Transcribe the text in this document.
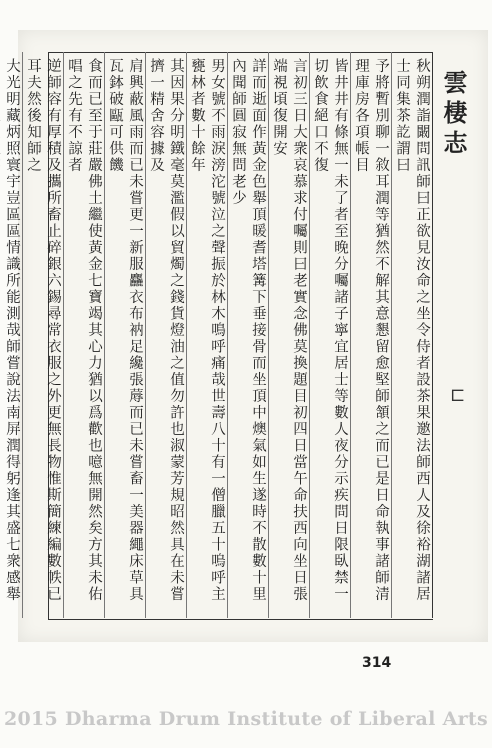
雲棲志
⊏
秋朔潤詣闞問訊師曰正欲見汝命之坐令侍者設茶果邀法師西人及徐裕湖諸居士同集茶訖謂曰
予將暫別聊一敘耳潤等猶然不解其意懇留愈堅師頷之而已是日命執事諸師清理庫房各項帳目
皆井井有條無一未了者至晚分囑諸子寧宜居士等數人夜分示疾問日限臥禁一切飲食絕口不復
言初三日大衆哀慕求付囑則曰老實念佛莫換題目初四日當午命扶西向坐日張端視頃復開安
詳而逝面作黃金色舉頂暖耆塔篝下垂接骨而坐頂中燠氣如生遂時不散數十里內聞師圓寂無問老少
男女號不雨淚滂沱號泣之聲振於林木鳴呼痛哉世壽八十有一僧臘五十嗚呼主甕林者數十餘年
其因果分明鐵毫莫濫假以貿燭之錢貨燈油之值勿許也淑蒙芳規昭然具在未嘗擠一精舍容據及
肩興蔽風雨而已未嘗更一新服麤衣布衲足纔張蓐而已未嘗畜一美器繩床草具瓦鉢破甌可供饑
食而已至于莊嚴佛土繼使黃金七寶竭其心力猶以爲歡也噫無開然矣方其未佑唱之先有不諒者
逆師容有厚積及攜所畜止碎銀六錫尋常衣服之外更無長物惟斯簡練編數帙已耳夫然後知師之
大光明藏炳照寰宇豈區區情識所能測哉師嘗說法南屏潤得躬逢其盛七衆感舉
314
2015 Dharma Drum Institute of Liberal Arts
